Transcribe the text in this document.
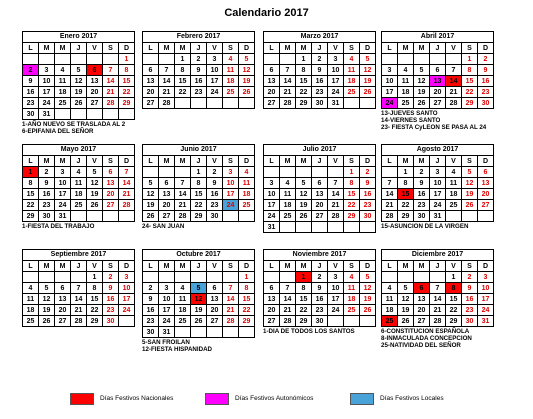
Calendario 2017
Enero 2017
L	M	M	J	V	S	D
						1
2	3	4	5	6	7	8
9	10	11	12	13	14	15
16	17	18	19	20	21	22
23	24	25	26	27	28	29
30	31					
1-AÑO NUEVO SE TRASLADA AL 2
6-EPIFANIA DEL SEÑOR
Febrero 2017
L	M	M	J	V	S	D
		1	2	3	4	5
6	7	8	9	10	11	12
13	14	15	16	17	18	19
20	21	22	23	24	25	26
27	28					
Marzo 2017
L	M	M	J	V	S	D
		1	2	3	4	5
6	7	8	9	10	11	12
13	14	15	16	17	18	19
20	21	22	23	24	25	26
27	28	29	30	31		
Abril 2017
L	M	M	J	V	S	D
					1	2
3	4	5	6	7	8	9
10	11	12	13	14	15	16
17	18	19	20	21	22	23
24	25	26	27	28	29	30
13-JUEVES SANTO
14-VIERNES SANTO
23- FIESTA CyLEON SE PASA AL 24
Mayo 2017
L	M	M	J	V	S	D
1	2	3	4	5	6	7
8	9	10	11	12	13	14
15	16	17	18	19	20	21
22	23	24	25	26	27	28
29	30	31				
1-FIESTA DEL TRABAJO
Junio 2017
L	M	M	J	V	S	D
			1	2	3	4
5	6	7	8	9	10	11
12	13	14	15	16	17	18
19	20	21	22	23	24	25
26	27	28	29	30		
24- SAN JUAN
Julio 2017
L	M	M	J	V	S	D
					1	2
3	4	5	6	7	8	9
10	11	12	13	14	15	16
17	18	19	20	21	22	23
24	25	26	27	28	29	30
31						
Agosto 2017
L	M	M	J	V	S	D
	1	2	3	4	5	6
7	8	9	10	11	12	13
14	15	16	17	18	19	20
21	22	23	24	25	26	27
28	29	30	31			
15-ASUNCION DE LA VIRGEN
Septiembre 2017
L	M	M	J	V	S	D
				1	2	3
4	5	6	7	8	9	10
11	12	13	14	15	16	17
18	19	20	21	22	23	24
25	26	27	28	29	30	
Octubre 2017
L	M	M	J	V	S	D
						1
2	3	4	5	6	7	8
9	10	11	12	13	14	15
16	17	18	19	20	21	22
23	24	25	26	27	28	29
30	31					
5-SAN FROILAN
12-FIESTA HISPANIDAD
Noviembre 2017
L	M	M	J	V	S	D
		1	2	3	4	5
6	7	8	9	10	11	12
13	14	15	16	17	18	19
20	21	22	23	24	25	26
27	28	29	30			
1-DIA DE TODOS LOS SANTOS
Diciembre 2017
L	M	M	J	V	S	D
				1	2	3
4	5	6	7	8	9	10
11	12	13	14	15	16	17
18	19	20	21	22	23	24
25	26	27	28	29	30	31
6-CONSTITUCION ESPAÑOLA
8-INMACULADA CONCEPCION
25-NATIVIDAD DEL SEÑOR
Días Festivos Nacionales	Días Festivos Autonómicos	Días Festivos Locales
